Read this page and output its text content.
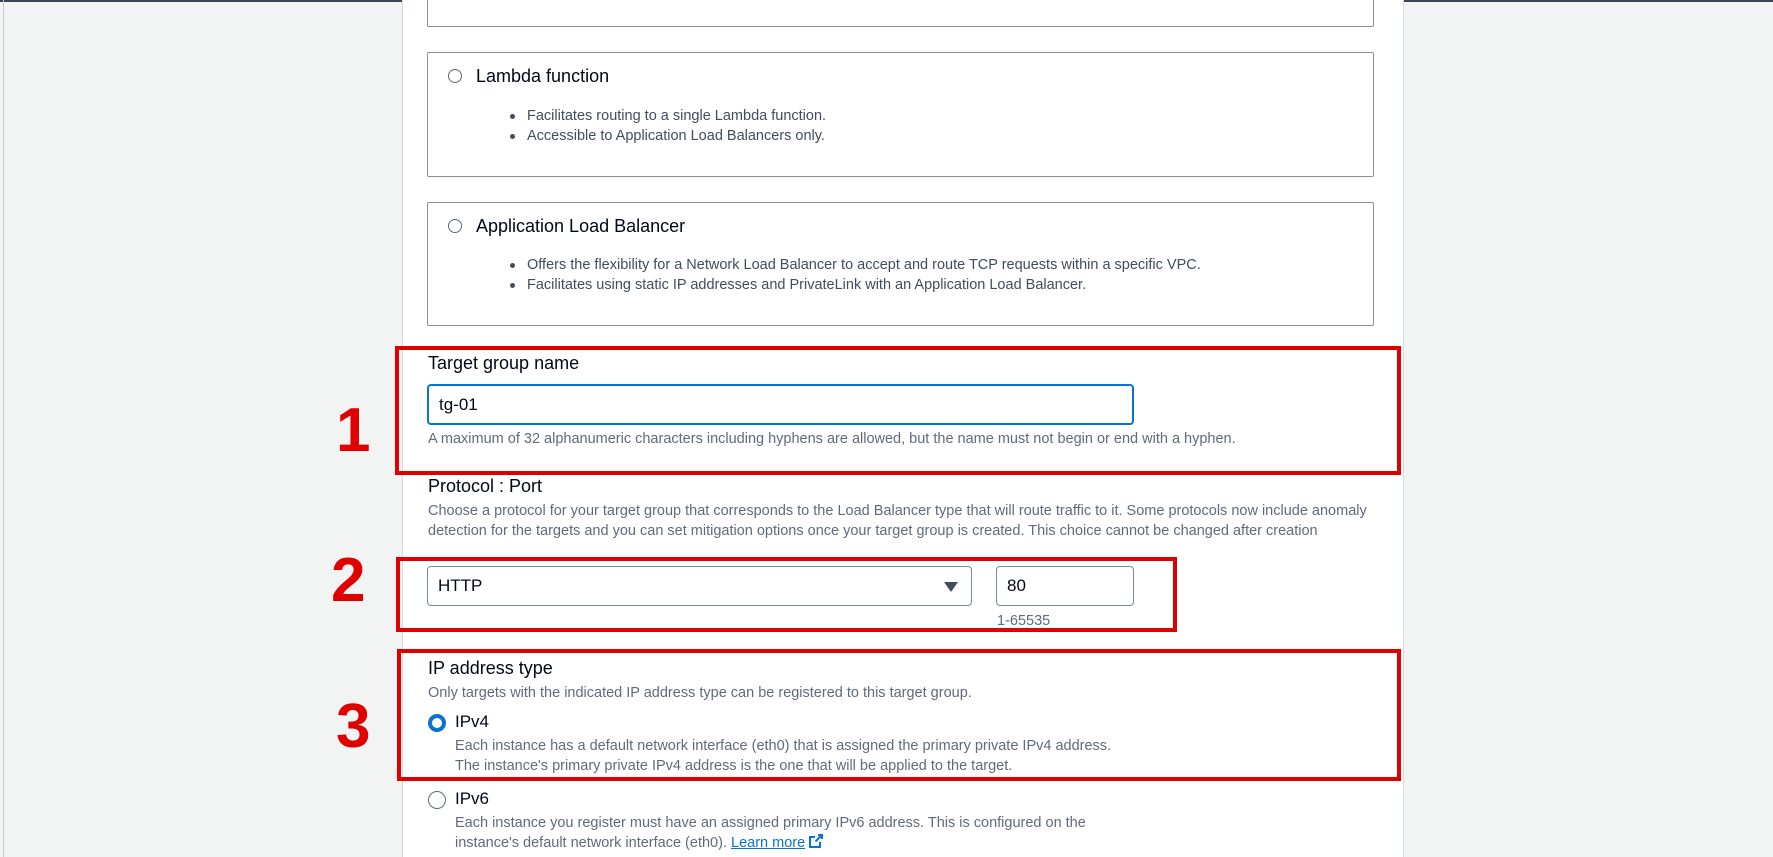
Lambda function
Facilitates routing to a single Lambda function.
Accessible to Application Load Balancers only.
Application Load Balancer
Offers the flexibility for a Network Load Balancer to accept and route TCP requests within a specific VPC.
Facilitates using static IP addresses and PrivateLink with an Application Load Balancer.
Target group name
tg-01
A maximum of 32 alphanumeric characters including hyphens are allowed, but the name must not begin or end with a hyphen.
Protocol : Port
Choose a protocol for your target group that corresponds to the Load Balancer type that will route traffic to it. Some protocols now include anomaly detection for the targets and you can set mitigation options once your target group is created. This choice cannot be changed after creation
HTTP	80
1-65535
IP address type
Only targets with the indicated IP address type can be registered to this target group.
IPv4
Each instance has a default network interface (eth0) that is assigned the primary private IPv4 address. The instance's primary private IPv4 address is the one that will be applied to the target.
IPv6
Each instance you register must have an assigned primary IPv6 address. This is configured on the instance's default network interface (eth0). Learn more
1
2
3
